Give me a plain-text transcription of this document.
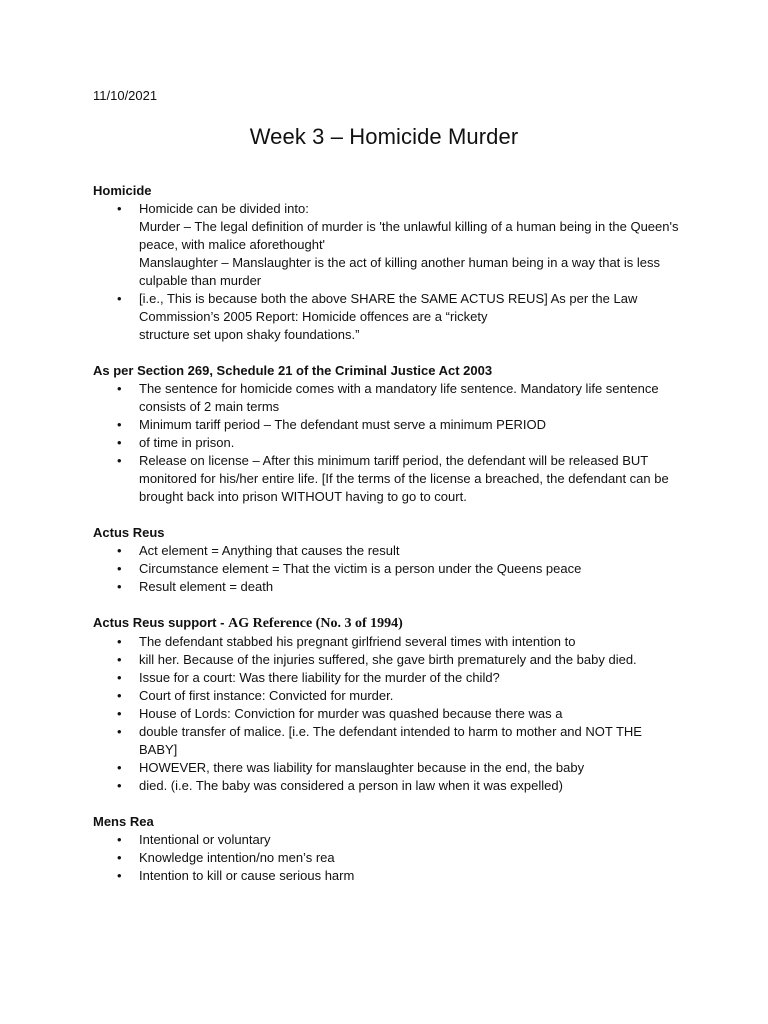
11/10/2021
Week 3 – Homicide Murder
Homicide
• Homicide can be divided into:
Murder – The legal definition of murder is 'the unlawful killing of a human being in the Queen's peace, with malice aforethought'
Manslaughter – Manslaughter is the act of killing another human being in a way that is less culpable than murder
• [i.e., This is because both the above SHARE the SAME ACTUS REUS] As per the Law Commission’s 2005 Report: Homicide offences are a “rickety
structure set upon shaky foundations.”
As per Section 269, Schedule 21 of the Criminal Justice Act 2003
• The sentence for homicide comes with a mandatory life sentence. Mandatory life sentence consists of 2 main terms
• Minimum tariff period – The defendant must serve a minimum PERIOD
• of time in prison.
• Release on license – After this minimum tariff period, the defendant will be released BUT monitored for his/her entire life. [If the terms of the license a breached, the defendant can be brought back into prison WITHOUT having to go to court.
Actus Reus
• Act element = Anything that causes the result
• Circumstance element = That the victim is a person under the Queens peace
• Result element = death
Actus Reus support - AG Reference (No. 3 of 1994)
• The defendant stabbed his pregnant girlfriend several times with intention to
• kill her. Because of the injuries suffered, she gave birth prematurely and the baby died.
• Issue for a court: Was there liability for the murder of the child?
• Court of first instance: Convicted for murder.
• House of Lords: Conviction for murder was quashed because there was a
• double transfer of malice. [i.e. The defendant intended to harm to mother and NOT THE BABY]
• HOWEVER, there was liability for manslaughter because in the end, the baby
• died. (i.e. The baby was considered a person in law when it was expelled)
Mens Rea
• Intentional or voluntary
• Knowledge intention/no men’s rea
• Intention to kill or cause serious harm
